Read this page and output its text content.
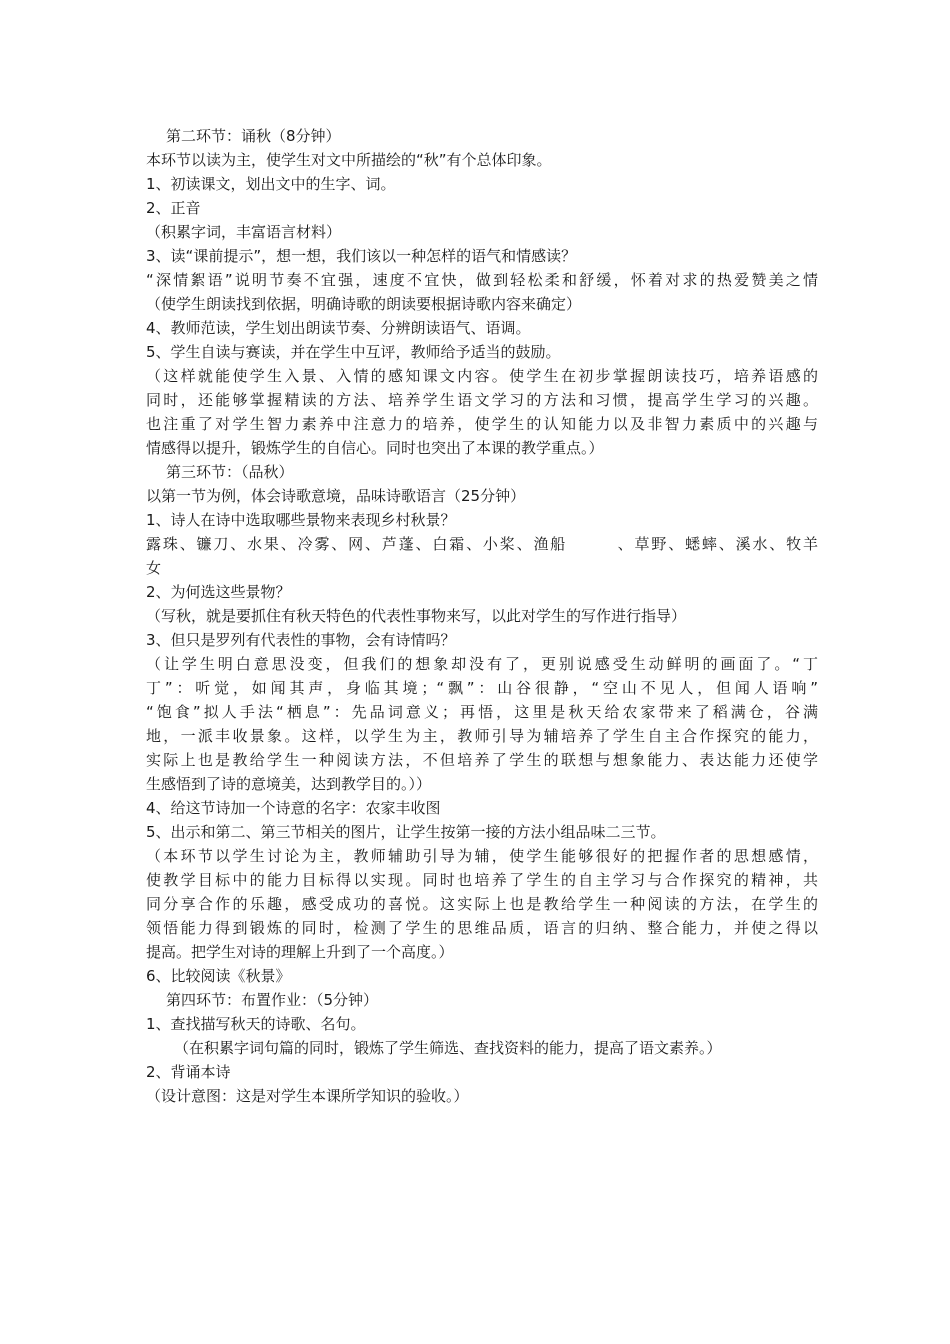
第二环节：诵秋（8分钟）
本环节以读为主，使学生对文中所描绘的“秋”有个总体印象。
1、初读课文，划出文中的生字、词。
2、正音
（积累字词，丰富语言材料）
3、读“课前提示”，想一想，我们该以一种怎样的语气和情感读？
“深情絮语”说明节奏不宜强，速度不宜快，做到轻松柔和舒缓，怀着对求的热爱赞美之情
（使学生朗读找到依据，明确诗歌的朗读要根据诗歌内容来确定）
4、教师范读，学生划出朗读节奏、分辨朗读语气、语调。
5、学生自读与赛读，并在学生中互评，教师给予适当的鼓励。
（这样就能使学生入景、入情的感知课文内容。使学生在初步掌握朗读技巧，培养语感的
同时，还能够掌握精读的方法、培养学生语文学习的方法和习惯，提高学生学习的兴趣。
也注重了对学生智力素养中注意力的培养，使学生的认知能力以及非智力素质中的兴趣与
情感得以提升，锻炼学生的自信心。同时也突出了本课的教学重点。）
第三环节：（品秋）
以第一节为例，体会诗歌意境，品味诗歌语言（25分钟）
1、诗人在诗中选取哪些景物来表现乡村秋景？
露珠、镰刀、水果、冷雾、网、芦蓬、白霜、小桨、渔船　　　、草野、蟋蟀、溪水、牧羊
女
2、为何选这些景物？
（写秋，就是要抓住有秋天特色的代表性事物来写，以此对学生的写作进行指导）
3、但只是罗列有代表性的事物，会有诗情吗？
（让学生明白意思没变，但我们的想象却没有了，更别说感受生动鲜明的画面了。“丁
丁”：听觉，如闻其声，身临其境；“飘”：山谷很静，“空山不见人，但闻人语响”
“饱食”拟人手法“栖息”：先品词意义；再悟，这里是秋天给农家带来了稻满仓，谷满
地，一派丰收景象。这样，以学生为主，教师引导为辅培养了学生自主合作探究的能力，
实际上也是教给学生一种阅读方法，不但培养了学生的联想与想象能力、表达能力还使学
生感悟到了诗的意境美，达到教学目的。））
4、给这节诗加一个诗意的名字：农家丰收图
5、出示和第二、第三节相关的图片，让学生按第一接的方法小组品味二三节。
（本环节以学生讨论为主，教师辅助引导为辅，使学生能够很好的把握作者的思想感情，
使教学目标中的能力目标得以实现。同时也培养了学生的自主学习与合作探究的精神，共
同分享合作的乐趣，感受成功的喜悦。这实际上也是教给学生一种阅读的方法，在学生的
领悟能力得到锻炼的同时，检测了学生的思维品质，语言的归纳、整合能力，并使之得以
提高。把学生对诗的理解上升到了一个高度。）
6、比较阅读《秋景》
第四环节：布置作业：（5分钟）
1、查找描写秋天的诗歌、名句。
（在积累字词句篇的同时，锻炼了学生筛选、查找资料的能力，提高了语文素养。）
2、背诵本诗
（设计意图：这是对学生本课所学知识的验收。）
